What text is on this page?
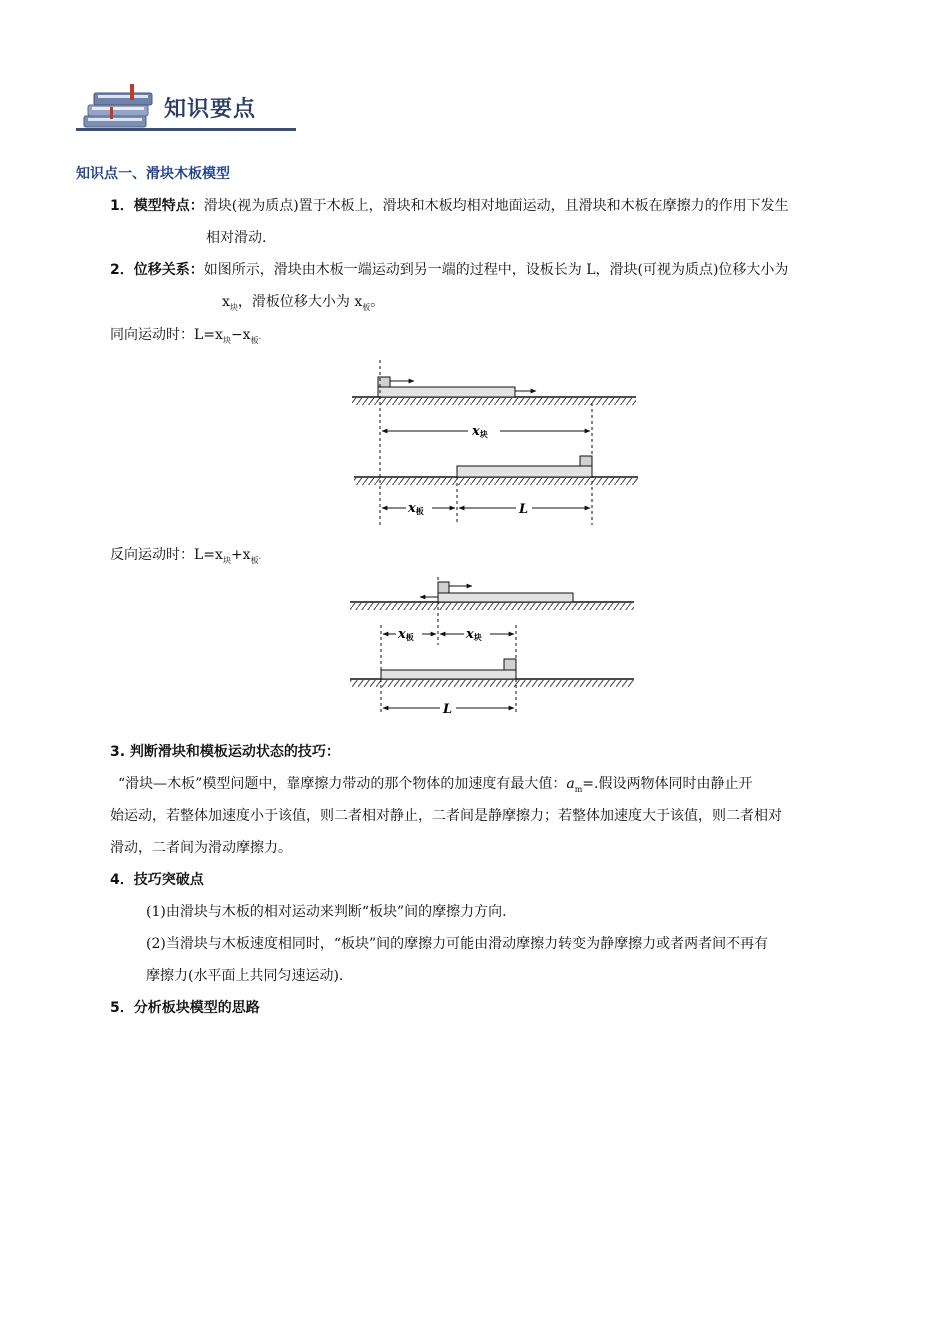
知识要点
知识点一、滑块木板模型
1．模型特点：滑块(视为质点)置于木板上，滑块和木板均相对地面运动，且滑块和木板在摩擦力的作用下发生
相对滑动.
2．位移关系：如图所示，滑块由木板一端运动到另一端的过程中，设板长为 L，滑块(可视为质点)位移大小为
$x_块$，滑板位移大小为 $x_板$。
同向运动时：$L=x_块-x_板$.
x块
x板	L
反向运动时：$L=x_块+x_板$.
x板	x块
L
3. 判断滑块和模板运动状态的技巧：
“滑块—木板”模型问题中，靠摩擦力带动的那个物体的加速度有最大值：$a_m=$.假设两物体同时由静止开
始运动，若整体加速度小于该值，则二者相对静止，二者间是静摩擦力；若整体加速度大于该值，则二者相对
滑动，二者间为滑动摩擦力。
4．技巧突破点
(1)由滑块与木板的相对运动来判断“板块”间的摩擦力方向.
(2)当滑块与木板速度相同时，“板块”间的摩擦力可能由滑动摩擦力转变为静摩擦力或者两者间不再有
摩擦力(水平面上共同匀速运动).
5．分析板块模型的思路
